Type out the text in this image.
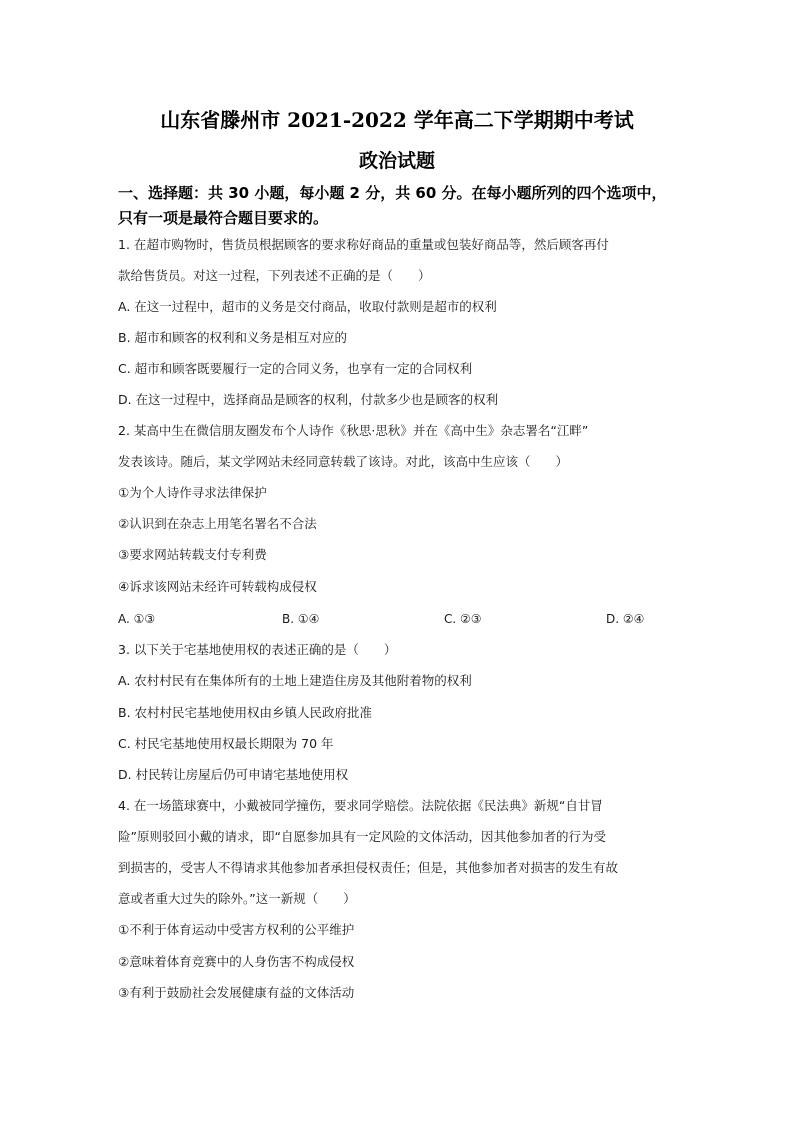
山东省滕州市 2021-2022 学年高二下学期期中考试
政治试题
一、选择题：共 30 小题，每小题 2 分，共 60 分。在每小题所列的四个选项中，
只有一项是最符合题目要求的。
1. 在超市购物时，售货员根据顾客的要求称好商品的重量或包装好商品等，然后顾客再付
款给售货员。对这一过程，下列表述不正确的是（　　）
A. 在这一过程中，超市的义务是交付商品，收取付款则是超市的权利
B. 超市和顾客的权利和义务是相互对应的
C. 超市和顾客既要履行一定的合同义务，也享有一定的合同权利
D. 在这一过程中，选择商品是顾客的权利，付款多少也是顾客的权利
2. 某高中生在微信朋友圈发布个人诗作《秋思·思秋》并在《高中生》杂志署名“江畔”
发表该诗。随后，某文学网站未经同意转载了该诗。对此，该高中生应该（　　）
①为个人诗作寻求法律保护
②认识到在杂志上用笔名署名不合法
③要求网站转载支付专利费
④诉求该网站未经许可转载构成侵权
A. ①③	B. ①④	C. ②③	D. ②④
3. 以下关于宅基地使用权的表述正确的是（　　）
A. 农村村民有在集体所有的土地上建造住房及其他附着物的权利
B. 农村村民宅基地使用权由乡镇人民政府批准
C. 村民宅基地使用权最长期限为 70 年
D. 村民转让房屋后仍可申请宅基地使用权
4. 在一场篮球赛中，小戴被同学撞伤，要求同学赔偿。法院依据《民法典》新规“自甘冒
险”原则驳回小戴的请求，即“自愿参加具有一定风险的文体活动，因其他参加者的行为受
到损害的，受害人不得请求其他参加者承担侵权责任；但是，其他参加者对损害的发生有故
意或者重大过失的除外。”这一新规（　　）
①不利于体育运动中受害方权利的公平维护
②意味着体育竞赛中的人身伤害不构成侵权
③有利于鼓励社会发展健康有益的文体活动
